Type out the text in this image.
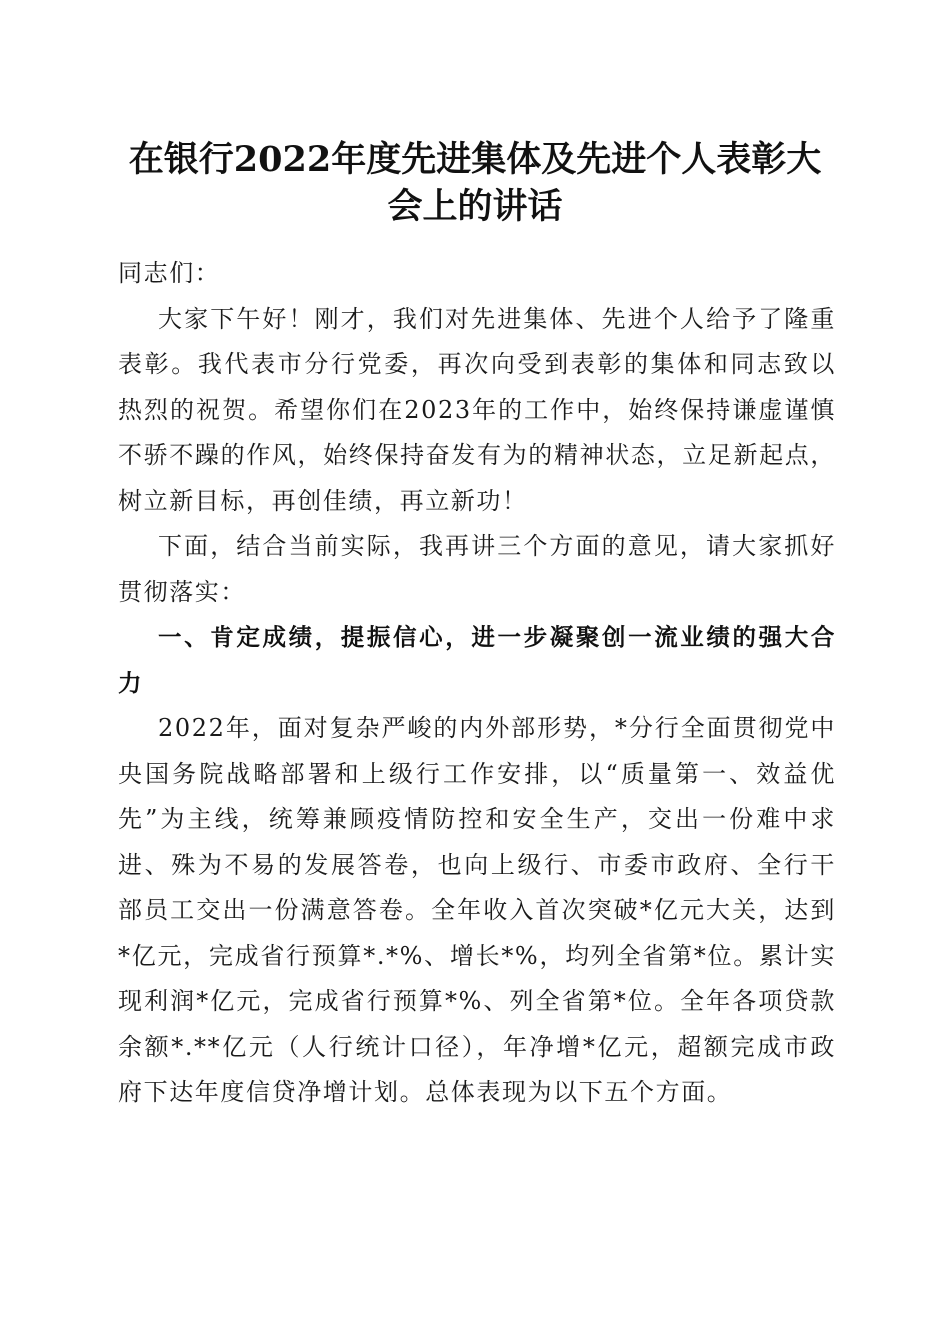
在银行2022年度先进集体及先进个人表彰大
会上的讲话
同志们：
大家下午好！刚才，我们对先进集体、先进个人给予了隆重
表彰。我代表市分行党委，再次向受到表彰的集体和同志致以
热烈的祝贺。希望你们在2023年的工作中，始终保持谦虚谨慎
不骄不躁的作风，始终保持奋发有为的精神状态，立足新起点，
树立新目标，再创佳绩，再立新功！
下面，结合当前实际，我再讲三个方面的意见，请大家抓好
贯彻落实：
一、肯定成绩，提振信心，进一步凝聚创一流业绩的强大合
力
2022年，面对复杂严峻的内外部形势，*分行全面贯彻党中
央国务院战略部署和上级行工作安排，以“质量第一、效益优
先”为主线，统筹兼顾疫情防控和安全生产，交出一份难中求
进、殊为不易的发展答卷，也向上级行、市委市政府、全行干
部员工交出一份满意答卷。全年收入首次突破*亿元大关，达到
*亿元，完成省行预算*.*%、增长*%，均列全省第*位。累计实
现利润*亿元，完成省行预算*%、列全省第*位。全年各项贷款
余额*.**亿元（人行统计口径），年净增*亿元，超额完成市政
府下达年度信贷净增计划。总体表现为以下五个方面。
